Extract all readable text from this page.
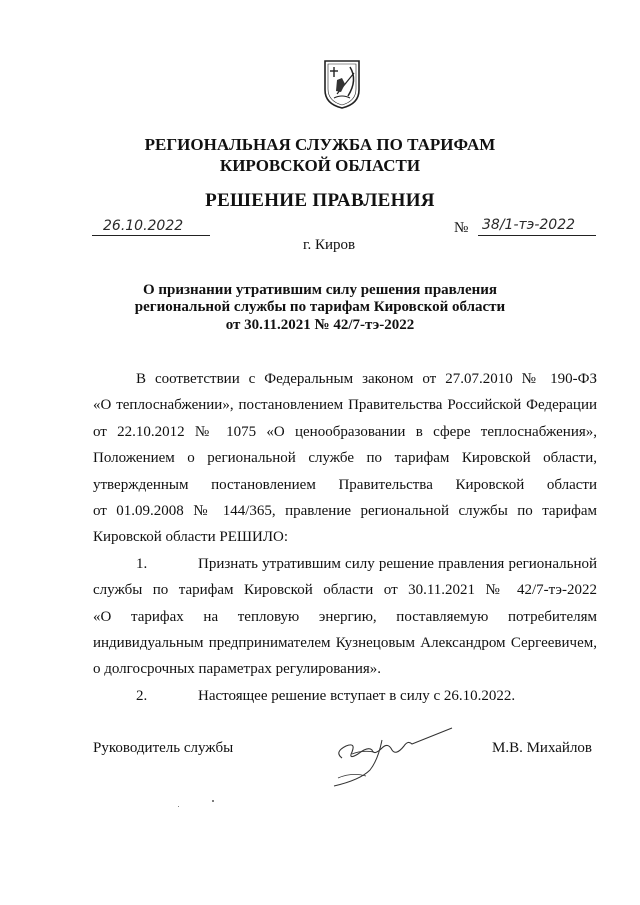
РЕГИОНАЛЬНАЯ СЛУЖБА ПО ТАРИФАМ
КИРОВСКОЙ ОБЛАСТИ
РЕШЕНИЕ ПРАВЛЕНИЯ
26.10.2022	№ 38/1-тэ-2022
г. Киров
О признании утратившим силу решения правления
региональной службы по тарифам Кировской области
от 30.11.2021 № 42/7-тэ-2022
В соответствии с Федеральным законом от 27.07.2010 № 190-ФЗ
«О теплоснабжении», постановлением Правительства Российской Федерации
от 22.10.2012 № 1075 «О ценообразовании в сфере теплоснабжения»,
Положением о региональной службе по тарифам Кировской области,
утвержденным постановлением Правительства Кировской области
от 01.09.2008 № 144/365, правление региональной службы по тарифам
Кировской области РЕШИЛО:
1.	Признать утратившим силу решение правления региональной
службы по тарифам Кировской области от 30.11.2021 № 42/7-тэ-2022
«О тарифах на тепловую энергию, поставляемую потребителям
индивидуальным предпринимателем Кузнецовым Александром Сергеевичем,
о долгосрочных параметрах регулирования».
2.	Настоящее решение вступает в силу с 26.10.2022.
Руководитель службы	М.В. Михайлов
